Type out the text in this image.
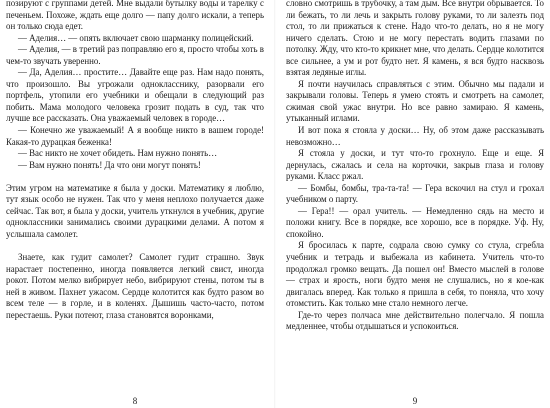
позируют с группами детей. Мне выдали бутылку воды и тарелку с печеньем. Похоже, ждать еще долго — папу долго искали, а теперь он только сюда едет.

— Аделия… — опять включает свою шарманку полицейский.

— Аделия, — в третий раз поправляю его я, просто чтобы хоть в чем-то звучать уверенно.

— Да, Аделия… простите… Давайте еще раз. Нам надо понять, что произошло. Вы угрожали однокласснику, разорвали его портфель, утопили его учебники и обещали в следующий раз побить. Мама молодого человека грозит подать в суд, так что лучше все рассказать. Она уважаемый человек в городе…

— Конечно же уважаемый! А я вообще никто в вашем городе! Какая-то дурацкая беженка!

— Вас никто не хочет обидеть. Нам нужно понять…

— Вам нужно понять! Да что они могут понять!

Этим угром на математике я была у доски. Математику я люблю, тут язык особо не нужен. Так что у меня неплохо получается даже сейчас. Так вот, я была у доски, учитель уткнулся в учебник, другие одноклассники занимались своими дурацкими делами. А потом я услышала самолет.

Знаете, как гудит самолет? Самолет гудит страшно. Звук нарастает постепенно, иногда появляется легкий свист, иногда рокот. Потом мелко вибрирует небо, вибрируют стены, потом ты в ней в живом. Пахнет ужасом. Сердце колотится как будто разом во всем теле — в горле, и в коленях. Дышишь часто-часто, потом перестаешь. Руки потеют, глаза становятся воронками,

8

словно смотришь в трубочку, а там дым. Все внутри обрывается. То ли бежать, то ли лечь и закрыть голову руками, то ли залезть под стол, то ли прижаться к стене. Надо что-то делать, но я не могу ничего сделать. Стою и не могу перестать водить глазами по потолку. Жду, что кто-то крикнет мне, что делать. Сердце колотится все сильнее, а ум и рот будто нет. Я камень, я вся будто насквозь взятая ледяные иглы.

Я почти научилась справляться с этим. Обычно мы падали и закрывали головы. Теперь я умею стоять и смотреть на самолет, сжимая свой ужас внутри. Но все равно замираю. Я камень, утыканный иглами.

И вот пока я стояла у доски… Ну, об этом даже рассказывать невозможно…

Я стояла у доски, и тут что-то грохнуло. Еще и еще. Я дернулась, сжалась и села на корточки, закрыв глаза и голову руками. Класс ржал.

— Бомбы, бомбы, тра-та-та! — Гера вскочил на стул и грохал учебником о парту.

— Гера!! — орал учитель. — Немедленно сядь на место и положи книгу. Все в порядке, все хорошо, все в порядке. Уф. Ну, спокойно.

Я бросилась к парте, содрала свою сумку со стула, сгребла учебник и тетрадь и выбежала из кабинета. Учитель что-то продолжал громко вещать. Да пошел он! Вместо мыслей в голове — страх и ярость, ноги будто меня не слушались, но я кое-как двигалась вперед. Как только я пришла в себя, то поняла, что хочу отомстить. Как только мне стало немного легче.

Где-то через полчаса мне действительно полегчало. Я пошла медленнее, чтобы отдышаться и успокоиться.

9
